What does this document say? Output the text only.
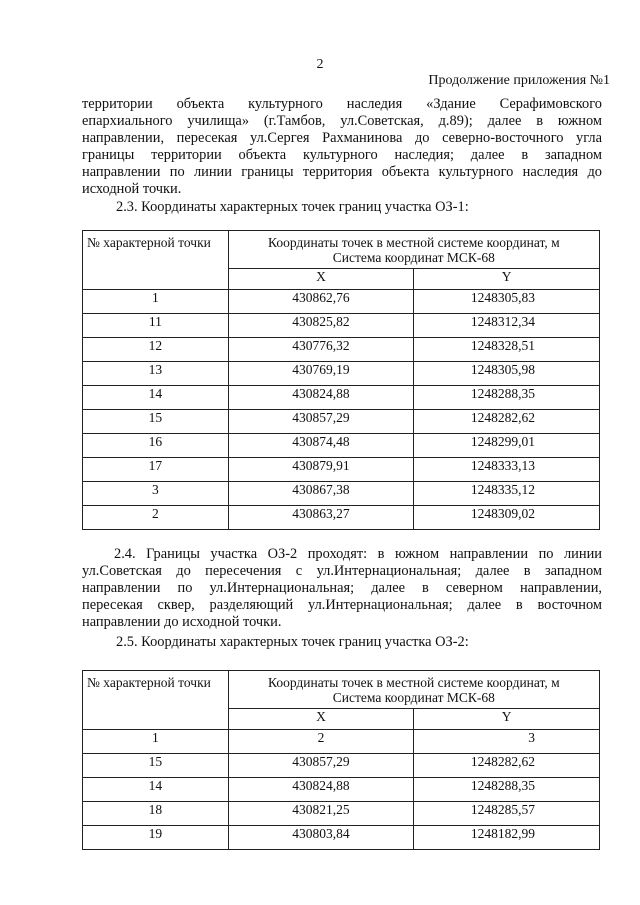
2
Продолжение приложения №1
территории объекта культурного наследия «Здание Серафимовского
епархиального училища» (г.Тамбов, ул.Советская, д.89); далее в южном
направлении, пересекая ул.Сергея Рахманинова до северно-восточного угла
границы территории объекта культурного наследия; далее в западном
направлении по линии границы территория объекта культурного наследия до
исходной точки.
2.3. Координаты характерных точек границ участка ОЗ-1:
№ характерной точки	Координаты точек в местной системе координат, м
Система координат МСК-68	

	X	Y
1	430862,76	1248305,83
11	430825,82	1248312,34
12	430776,32	1248328,51
13	430769,19	1248305,98
14	430824,88	1248288,35
15	430857,29	1248282,62
16	430874,48	1248299,01
17	430879,91	1248333,13
3	430867,38	1248335,12
2	430863,27	1248309,02
2.4. Границы участка ОЗ-2 проходят: в южном направлении по линии
ул.Советская до пересечения с ул.Интернациональная; далее в западном
направлении по ул.Интернациональная; далее в северном направлении,
пересекая сквер, разделяющий ул.Интернациональная; далее в восточном
направлении до исходной точки.
2.5. Координаты характерных точек границ участка ОЗ-2:
№ характерной точки	Координаты точек в местной системе координат, м
Система координат МСК-68	

	X	Y
1	2	3
15	430857,29	1248282,62
14	430824,88	1248288,35
18	430821,25	1248285,57
19	430803,84	1248182,99
